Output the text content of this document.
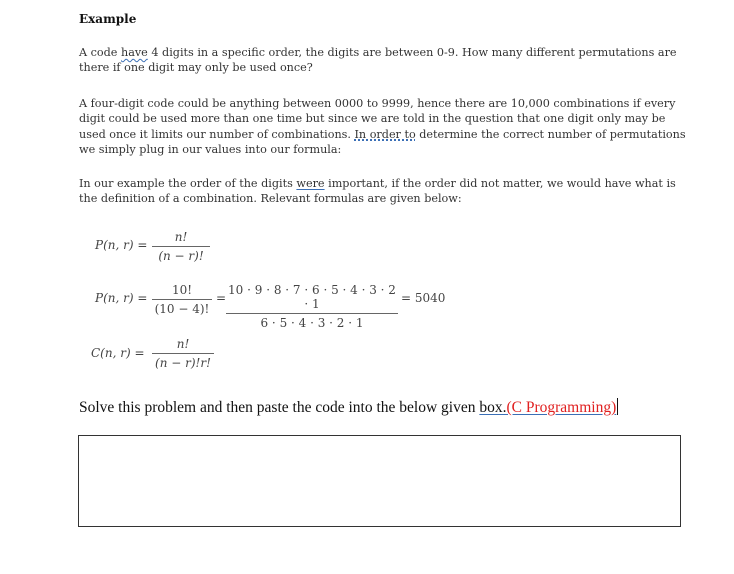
Example

A code have 4 digits in a specific order, the digits are between 0-9. How many different permutations are there if one digit may only be used once?

A four-digit code could be anything between 0000 to 9999, hence there are 10,000 combinations if every digit could be used more than one time but since we are told in the question that one digit only may be used once it limits our number of combinations. In order to determine the correct number of permutations we simply plug in our values into our formula:

In our example the order of the digits were important, if the order did not matter, we would have what is the definition of a combination. Relevant formulas are given below:

P(n, r) =
n!
(n − r)!
P(n, r) =
10!
(10 − 4)!
=
10 · 9 · 8 · 7 · 6 · 5 · 4 · 3 · 2 · 1
6 · 5 · 4 · 3 · 2 · 1
= 5040
C(n, r) =
n!
(n − r)!r!
Solve this problem and then paste the code into the below given box.(C Programming)
